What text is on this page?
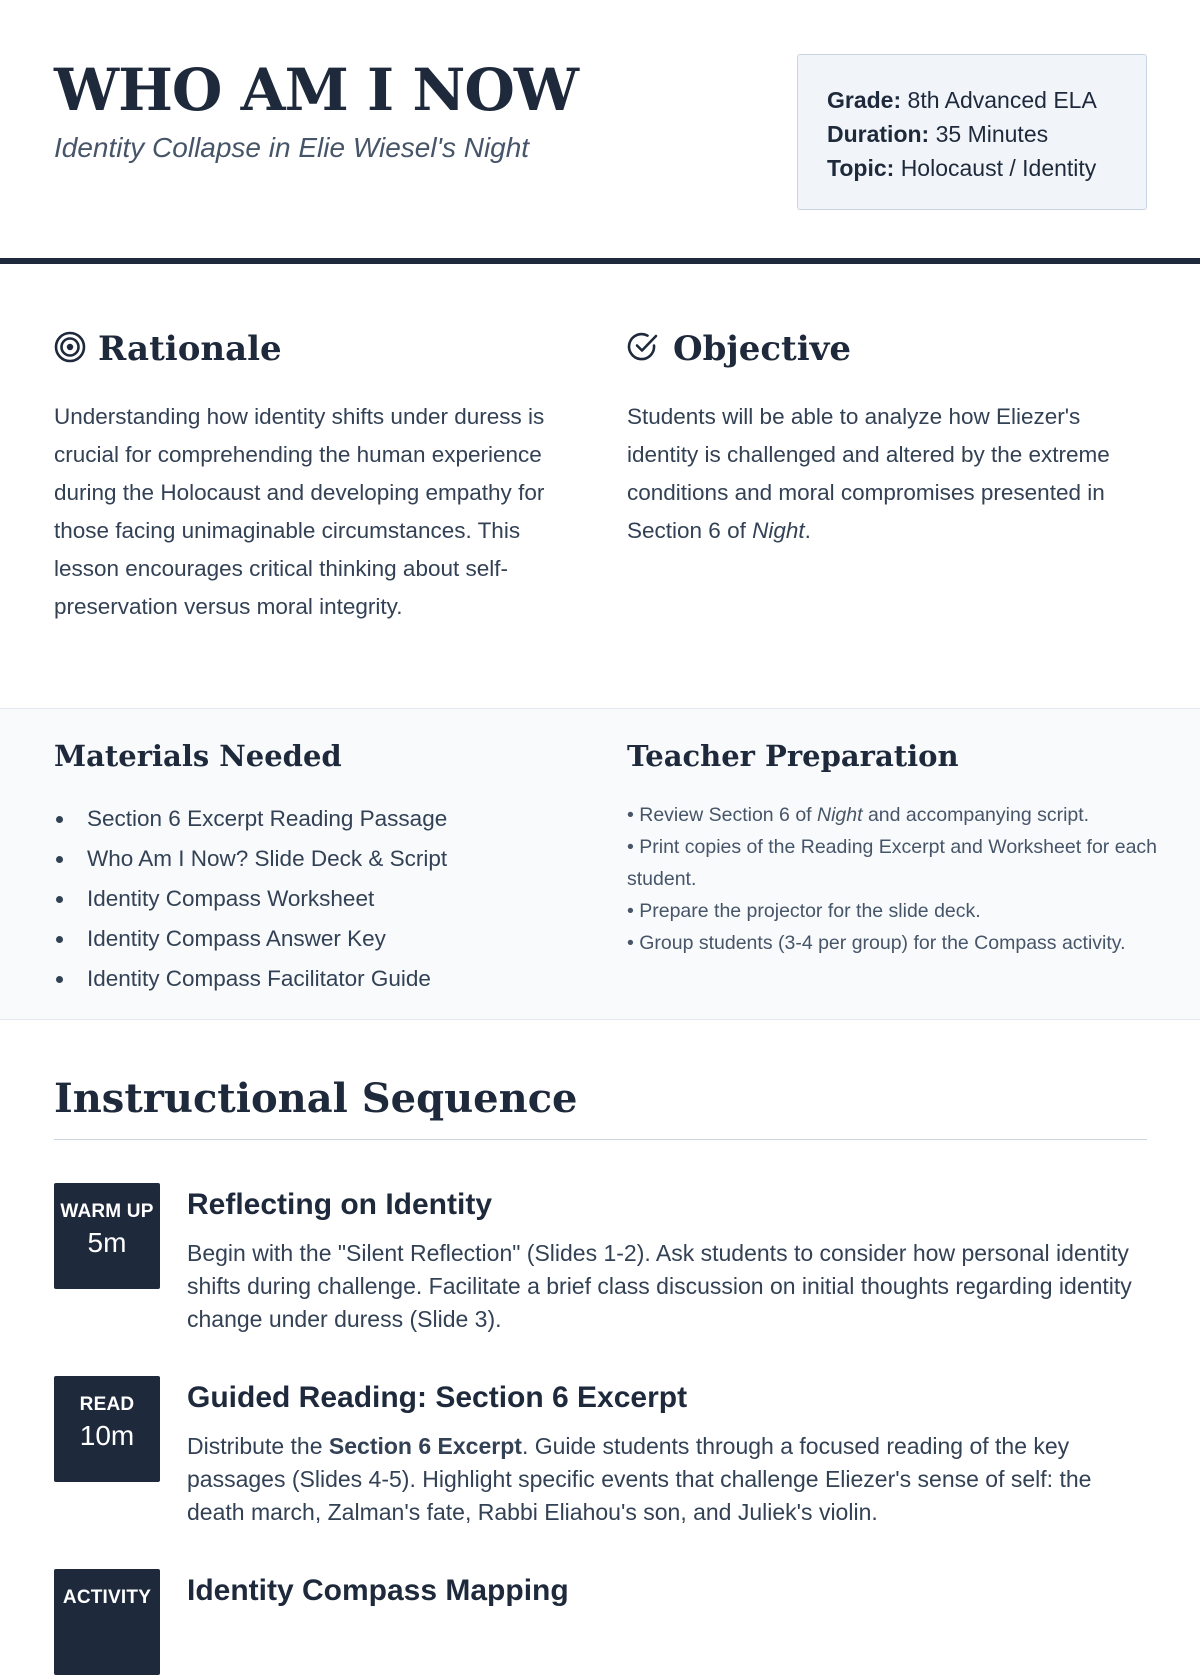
WHO AM I NOW

Identity Collapse in Elie Wiesel's Night

Grade: 8th Advanced ELA
Duration: 35 Minutes
Topic: Holocaust / Identity
Rationale
Understanding how identity shifts under duress is crucial for comprehending the human experience during the Holocaust and developing empathy for those facing unimaginable circumstances. This lesson encourages critical thinking about self-preservation versus moral integrity.
Objective
Students will be able to analyze how Eliezer's identity is challenged and altered by the extreme conditions and moral compromises presented in Section 6 of Night.
Materials Needed
Section 6 Excerpt Reading Passage
Who Am I Now? Slide Deck & Script
Identity Compass Worksheet
Identity Compass Answer Key
Identity Compass Facilitator Guide
Teacher Preparation

• Review Section 6 of Night and accompanying script.

• Print copies of the Reading Excerpt and Worksheet for each student.

• Prepare the projector for the slide deck.

• Group students (3-4 per group) for the Compass activity.

Instructional Sequence
WARM UP
5m
Reflecting on Identity

Begin with the "Silent Reflection" (Slides 1-2). Ask students to consider how personal identity shifts during challenge. Facilitate a brief class discussion on initial thoughts regarding identity change under duress (Slide 3).

READ
10m
Guided Reading: Section 6 Excerpt

Distribute the Section 6 Excerpt. Guide students through a focused reading of the key passages (Slides 4-5). Highlight specific events that challenge Eliezer's sense of self: the death march, Zalman's fate, Rabbi Eliahou's son, and Juliek's violin.

ACTIVITY Identity Compass Mapping
